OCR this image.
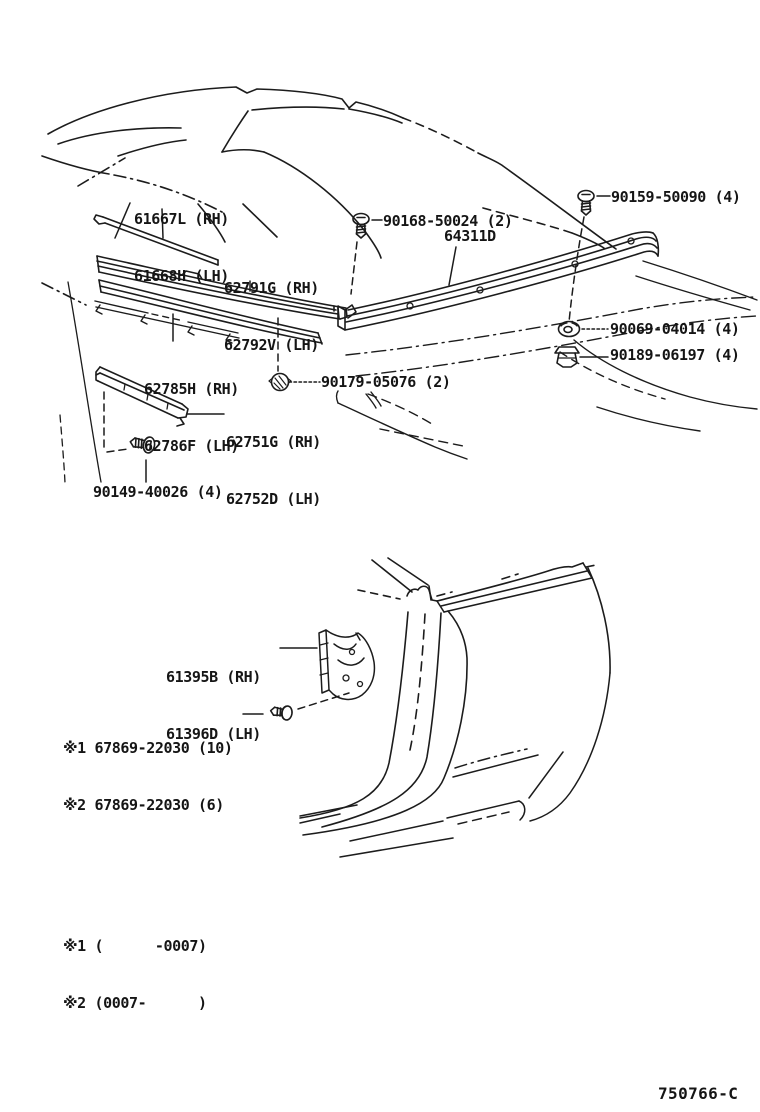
61667L (RH)

61668H (LH)

62791G (RH)

62792V (LH)

90168-50024 (2)
64311D
90159-50090 (4)

62785H (RH)

62786F (LH)

90069-04014 (4)
90189-06197 (4)
90179-05076 (2)

62751G (RH)

62752D (LH)

90149-40026 (4)

61395B (RH)

61396D (LH)

※1 67869-22030 (10)

※2 67869-22030 (6)

※1 (      -0007)

※2 (0007-      )

750766-C
